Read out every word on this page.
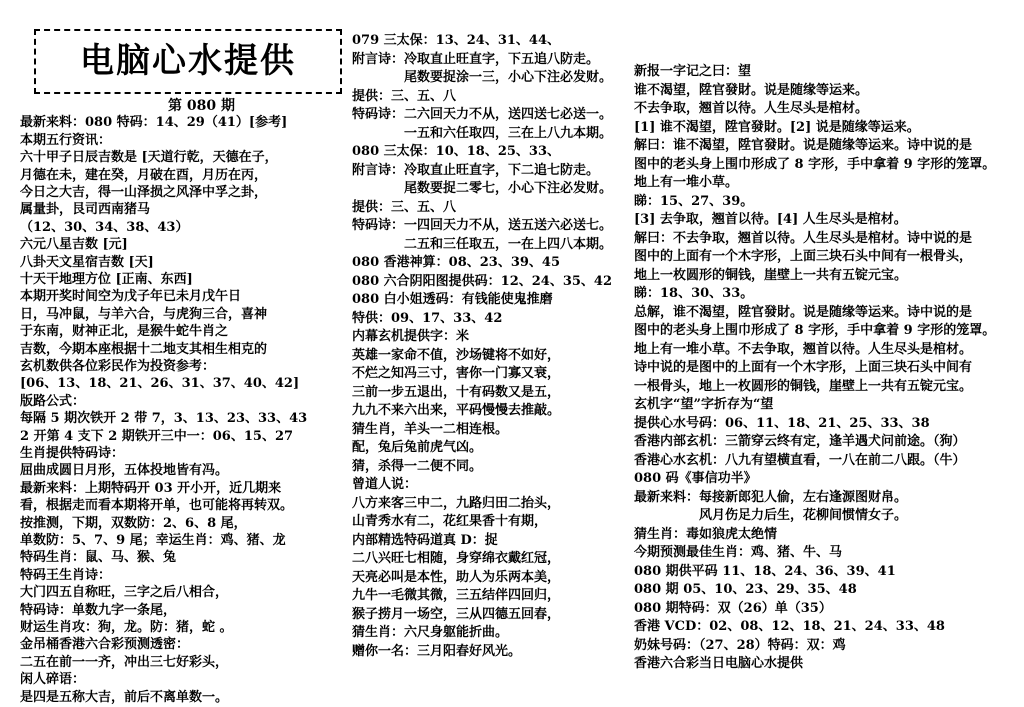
电脑心水提供
第 080 期
最新来料：080 特码：14、29（41）[参考]
本期五行资讯：
六十甲子日辰吉数是 [天道行乾，天德在子，
月德在未，建在癸，月破在酉，月历在丙，
今日之大吉，得一山泽损之风泽中孚之卦，
属量卦，艮司西南猪马
（12、30、34、38、43）
六元八星吉数 [元]
八卦天文星宿吉数 [天]
十天干地理方位 [正南、东西]
本期开奖时间空为戊子年已未月戊午日
日，马冲鼠，与羊六合，与虎狗三合，喜神
于东南，财神正北，是猴牛蛇牛肖之
吉数，今期本座根据十二地支其相生相克的
玄机数供各位彩民作为投资参考：
[06、13、18、21、26、31、37、40、42]
版路公式：
每隔 5 期次铁开 2 带 7，3、13、23、33、43
2 开第 4 支下 2 期铁开三中一：06、15、27
生肖提供特码诗：
屈曲成圆日月形，五体投地皆有冯。
最新来料：上期特码开 03 开小开，近几期来
看，根据走而看本期将开单，也可能将再转双。
按推测，下期，双数防：2、6、8 尾，
单数防：5、7、9 尾；幸运生肖：鸡、猪、龙
特码生肖：鼠、马、猴、兔
特码王生肖诗：
大门四五自称旺，三字之后八相合，
特码诗：单数九字一条尾，
财运生肖攻：狗，龙。防：猪，蛇 。
金吊桶香港六合彩预测透密：
二五在前一一齐，冲出三七好彩头，
闲人碎语：
是四是五称大吉，前后不离单数一。
079 三太保：13、24、31、44、
附言诗：冷取直止旺直字，下五追八防走。
　　　　尾数要捉涂一三，小心下注必发财。
提供：三、五、八
特码诗：二六回天力不从，送四送七必送一。
　　　　一五和六任取四，三在上八九本期。
080 三太保：10、18、25、33、
附言诗：冷取直止旺直字，下二追七防走。
　　　　尾数要捉二零七，小心下注必发财。
提供：三、五、八
特码诗：一四回天力不从，送五送六必送七。
　　　　二五和三任取五，一在上四八本期。
080 香港神算：08、23、39、45
080 六合阴阳图提供码：12、24、35、42
080 白小姐透码：有钱能使鬼推磨
特供：09、17、33、42
内幕玄机提供字：米
英雄一家命不值，沙场键将不如好，
不烂之知冯三寸，害你一门寡又衰，
三前一步五退出，十有码数又是五，
九九不来六出来，平码慢慢去推敲。
猜生肖，羊头一二相连根。
配，兔后兔前虎气凶。
猜，杀得一二便不同。
曾道人说：
八方来客三中二，九路归田二抬头，
山青秀水有二，花红果香十有期，
内部精选特码道真 D：捉
二八兴旺七相随，身穿绵衣戴红冠，
天亮必叫是本性，助人为乐两本美，
九牛一毛微其微，三五结伴四回归，
猴子捞月一场空，三从四德五回春，
猜生肖：六尺身躯能折曲。
赠你一名：三月阳春好风光。
新报一字记之曰：望
谁不渴望，陞官發財。说是随缘等运来。
不去争取，翘首以待。人生尽头是棺材。
[1] 谁不渴望，陞官發財。[2] 说是随缘等运来。
解曰：谁不渴望，陞官發財。说是随缘等运来。诗中说的是
图中的老头身上围巾形成了 8 字形，手中拿着 9 字形的笼罩。
地上有一堆小草。
睇：15、27、39。
[3] 去争取，翘首以待。[4] 人生尽头是棺材。
解曰：不去争取，翘首以待。人生尽头是棺材。诗中说的是
图中的上面有一个木字形，上面三块石头中间有一根骨头，
地上一枚圆形的铜钱，崖壁上一共有五锭元宝。
睇：18、30、33。
总解，谁不渴望，陞官發財。说是随缘等运来。诗中说的是
图中的老头身上围巾形成了 8 字形，手中拿着 9 字形的笼罩。
地上有一堆小草。不去争取，翘首以待。人生尽头是棺材。
诗中说的是图中的上面有一个木字形，上面三块石头中间有
一根骨头，地上一枚圆形的铜钱，崖壁上一共有五锭元宝。
玄机字“望”字折存为“望
提供心水号码：06、11、18、21、25、33、38
香港内部玄机：三箭穿云终有定，逢羊遇犬问前途。（狗）
香港心水玄机：八九有望横直看，一八在前二八跟。（牛）
080 码《事信功半》
最新来料：每接新郎犯人偷，左右逢源图财帛。
　　　　　风月伤足力后生，花柳间惯情女子。
猜生肖：毒如狼虎太绝情
今期预测最佳生肖：鸡、猪、牛、马
080 期供平码 11、18、24、36、39、41
080 期 05、10、23、29、35、48
080 期特码：双（26）单（35）
香港 VCD：02、08、12、18、21、24、33、48
奶妹号码：（27、28）特码：双：鸡
香港六合彩当日电脑心水提供
